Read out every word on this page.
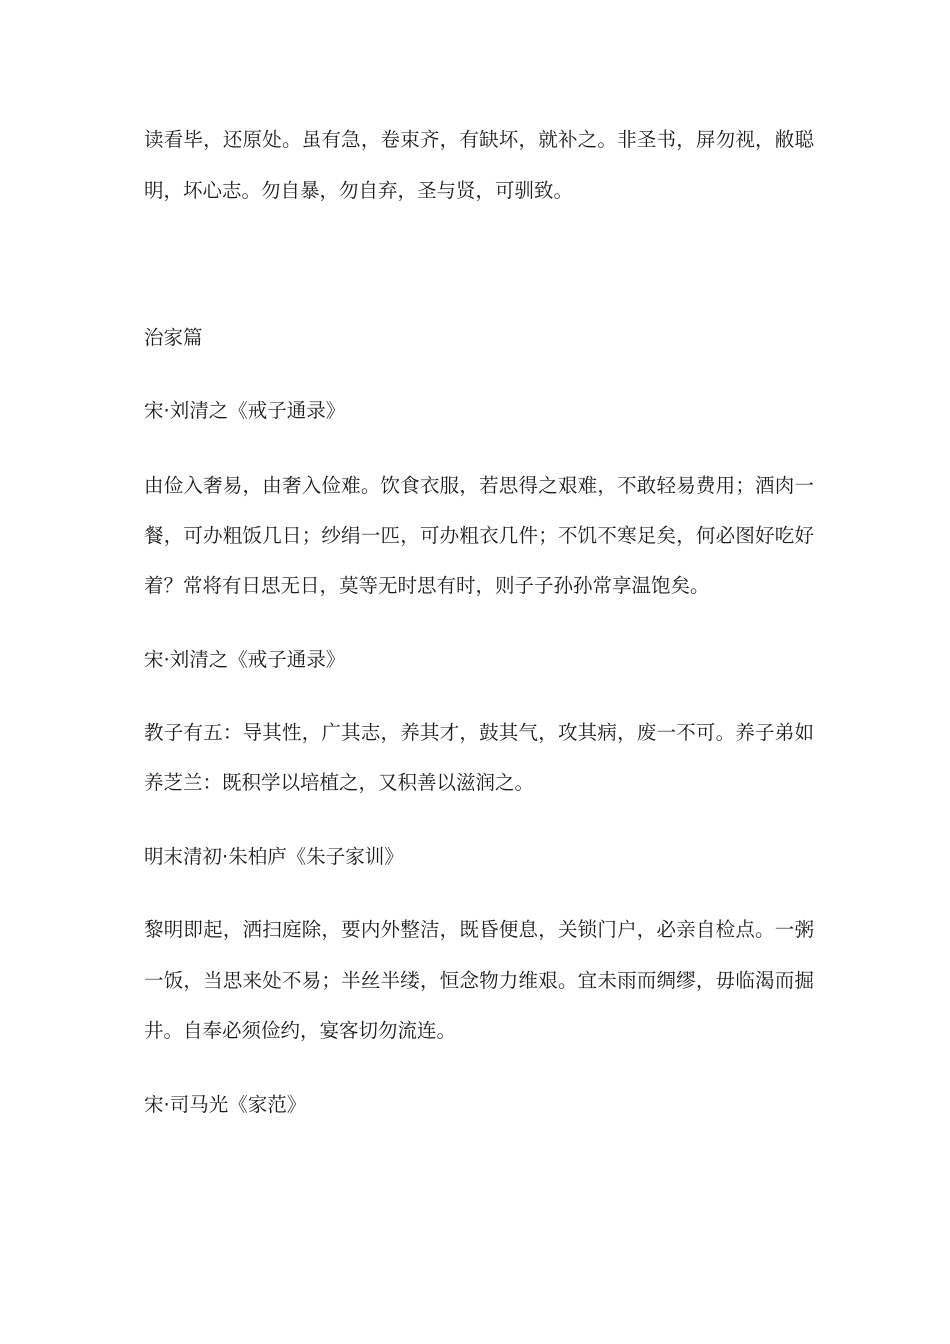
读看毕，还原处。虽有急，卷束齐，有缺坏，就补之。非圣书，屏勿视，敝聪
明，坏心志。勿自暴，勿自弃，圣与贤，可驯致。
治家篇
宋·刘清之《戒子通录》
由俭入奢易，由奢入俭难。饮食衣服，若思得之艰难，不敢轻易费用；酒肉一
餐，可办粗饭几日；纱绢一匹，可办粗衣几件；不饥不寒足矣，何必图好吃好
着？常将有日思无日，莫等无时思有时，则子子孙孙常享温饱矣。
宋·刘清之《戒子通录》
教子有五：导其性，广其志，养其才，鼓其气，攻其病，废一不可。养子弟如
养芝兰：既积学以培植之，又积善以滋润之。
明末清初·朱柏庐《朱子家训》
黎明即起，洒扫庭除，要内外整洁，既昏便息，关锁门户，必亲自检点。一粥
一饭，当思来处不易；半丝半缕，恒念物力维艰。宜未雨而绸缪，毋临渴而掘
井。自奉必须俭约，宴客切勿流连。
宋·司马光《家范》
